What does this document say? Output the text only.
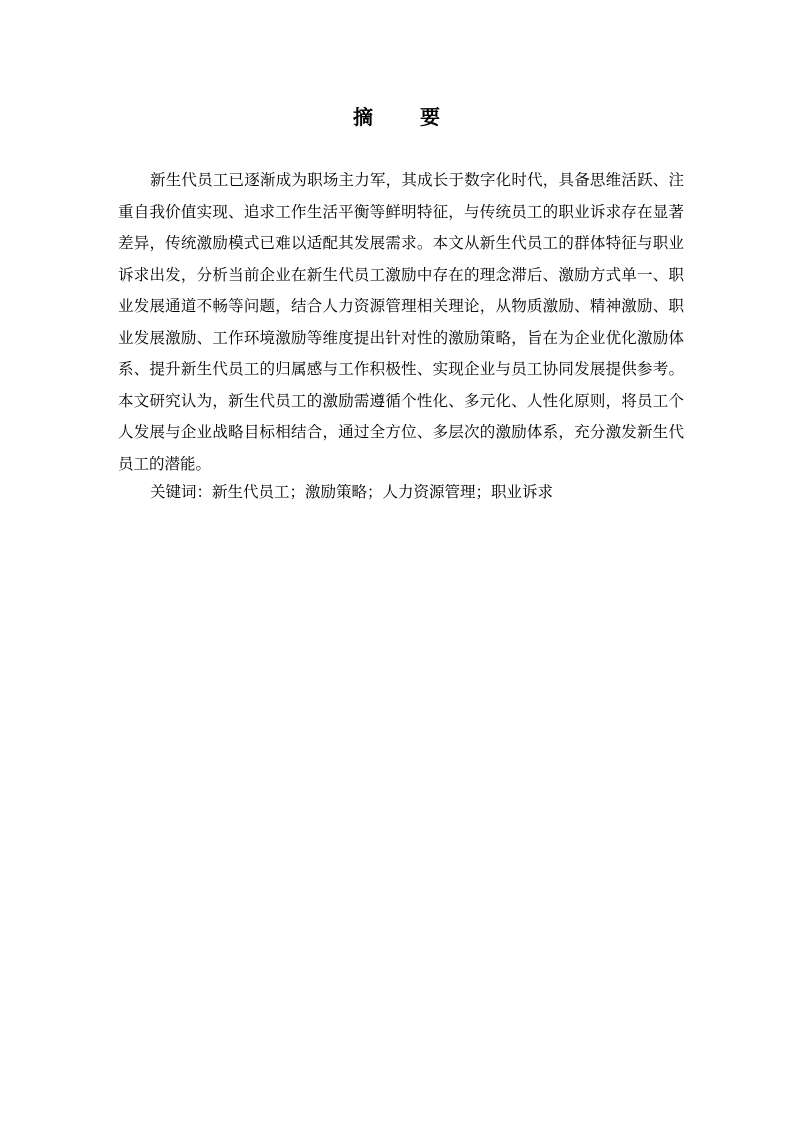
摘 要

新生代员工已逐渐成为职场主力军，其成长于数字化时代，具备思维活跃、注重自我价值实现、追求工作生活平衡等鲜明特征，与传统员工的职业诉求存在显著差异，传统激励模式已难以适配其发展需求。本文从新生代员工的群体特征与职业诉求出发，分析当前企业在新生代员工激励中存在的理念滞后、激励方式单一、职业发展通道不畅等问题，结合人力资源管理相关理论，从物质激励、精神激励、职业发展激励、工作环境激励等维度提出针对性的激励策略，旨在为企业优化激励体系、提升新生代员工的归属感与工作积极性、实现企业与员工协同发展提供参考。本文研究认为，新生代员工的激励需遵循个性化、多元化、人性化原则，将员工个人发展与企业战略目标相结合，通过全方位、多层次的激励体系，充分激发新生代员工的潜能。

关键词：新生代员工；激励策略；人力资源管理；职业诉求
